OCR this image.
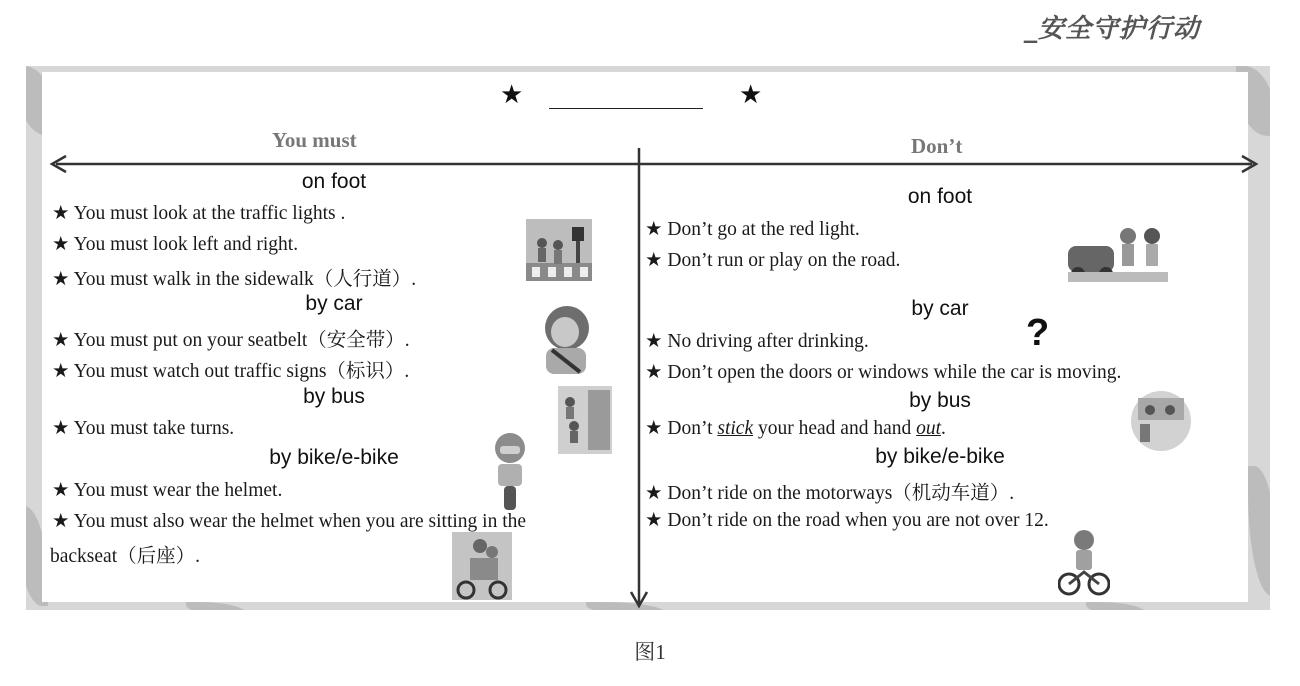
_安全守护行动
★	★
You must	Don’t
on foot
★ You must look at the traffic lights .
★ You must look left and right.
★ You must walk in the sidewalk（人行道）.
by car
★ You must put on your seatbelt（安全带）.
★ You must watch out traffic signs（标识）.
by bus
★ You must take turns.
by bike/e-bike
★ You must wear the helmet.
★ You must also wear the helmet when you are sitting in the
backseat（后座）.
on foot
★ Don’t go at the red light.
★ Don’t run or play on the road.
by car
★ No driving after drinking.	?
★ Don’t open the doors or windows while the car is moving.
by bus
★ Don’t stick your head and hand out.
by bike/e-bike
★ Don’t ride on the motorways（机动车道）.
★ Don’t ride on the road when you are not over 12.
图1
